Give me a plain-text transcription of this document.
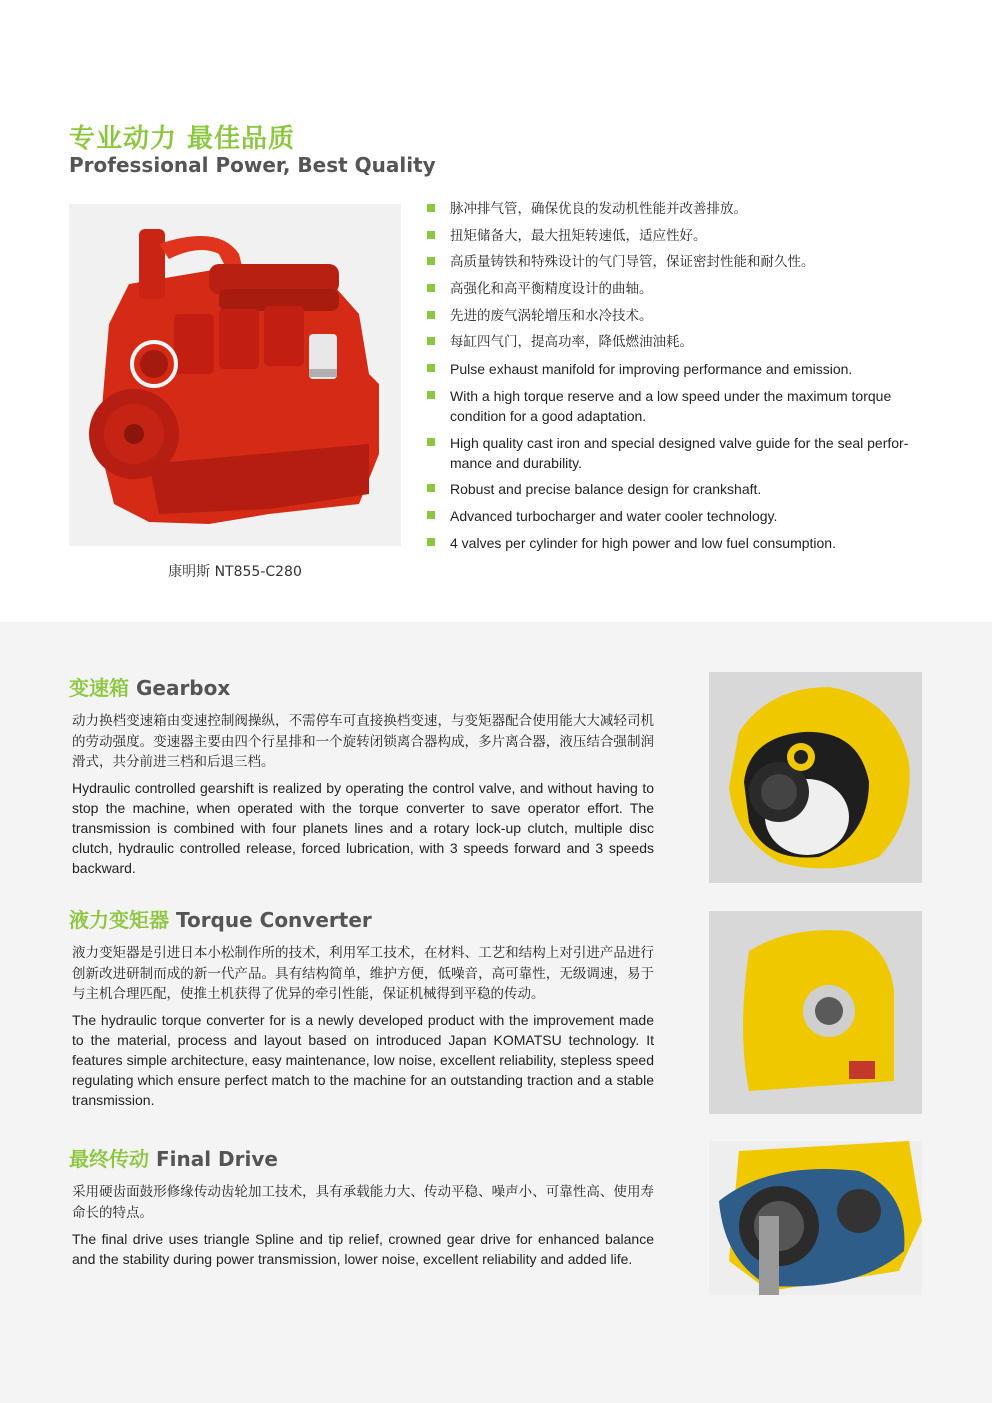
专业动力 最佳品质
Professional Power, Best Quality
康明斯 NT855-C280
脉冲排气管，确保优良的发动机性能并改善排放。
扭矩储备大，最大扭矩转速低，适应性好。
高质量铸铁和特殊设计的气门导管，保证密封性能和耐久性。
高强化和高平衡精度设计的曲轴。
先进的废气涡轮增压和水冷技术。
每缸四气门，提高功率，降低燃油油耗。
Pulse exhaust manifold for improving performance and emission.
With a high torque reserve and a low speed under the maximum torque condition for a good adaptation.
High quality cast iron and special designed valve guide for the seal perfor-mance and durability.
Robust and precise balance design for crankshaft.
Advanced turbocharger and water cooler technology.
4 valves per cylinder for high power and low fuel consumption.
变速箱 Gearbox
动力换档变速箱由变速控制阀操纵，不需停车可直接换档变速，与变矩器配合使用能大大减轻司机的劳动强度。变速器主要由四个行星排和一个旋转闭锁离合器构成，多片离合器，液压结合强制润滑式，共分前进三档和后退三档。
Hydraulic controlled gearshift is realized by operating the control valve, and without having to stop the machine, when operated with the torque converter to save operator effort. The transmission is combined with four planets lines and a rotary lock-up clutch, multiple disc clutch, hydraulic controlled release, forced lubrication, with 3 speeds forward and 3 speeds backward.
液力变矩器 Torque Converter
液力变矩器是引进日本小松制作所的技术，利用军工技术，在材料、工艺和结构上对引进产品进行创新改进研制而成的新一代产品。具有结构简单，维护方便，低噪音，高可靠性，无级调速，易于与主机合理匹配，使推土机获得了优异的牵引性能，保证机械得到平稳的传动。
The hydraulic torque converter for is a newly developed product with the improvement made to the material, process and layout based on introduced Japan KOMATSU technology. It features simple architecture, easy maintenance, low noise, excellent reliability, stepless speed regulating which ensure perfect match to the machine for an outstanding traction and a stable transmission.
最终传动 Final Drive
采用硬齿面鼓形修缘传动齿轮加工技术，具有承载能力大、传动平稳、噪声小、可靠性高、使用寿命长的特点。
The final drive uses triangle Spline and tip relief, crowned gear drive for enhanced balance and the stability during power transmission, lower noise, excellent reliability and added life.
